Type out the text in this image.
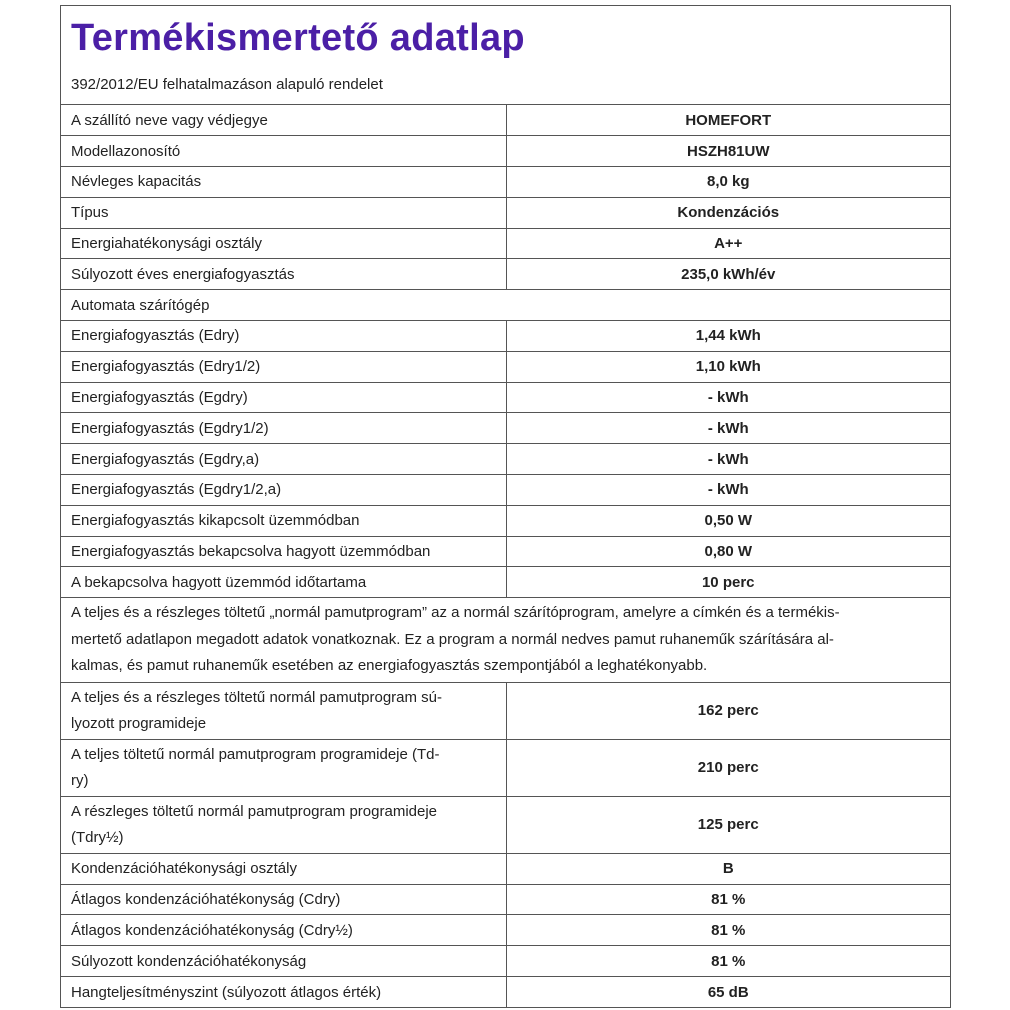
Termékismertető adatlap
392/2012/EU felhatalmazáson alapuló rendelet
A szállító neve vagy védjegye	HOMEFORT
Modellazonosító	HSZH81UW
Névleges kapacitás	8,0 kg
Típus	Kondenzációs
Energiahatékonysági osztály	A++
Súlyozott éves energiafogyasztás	235,0 kWh/év
Automata szárítógép	
Energiafogyasztás (Edry)	1,44 kWh
Energiafogyasztás (Edry1/2)	1,10 kWh
Energiafogyasztás (Egdry)	- kWh
Energiafogyasztás (Egdry1/2)	- kWh
Energiafogyasztás (Egdry,a)	- kWh
Energiafogyasztás (Egdry1/2,a)	- kWh
Energiafogyasztás kikapcsolt üzemmódban	0,50 W
Energiafogyasztás bekapcsolva hagyott üzemmódban	0,80 W
A bekapcsolva hagyott üzemmód időtartama	10 perc

A teljes és a részleges töltetű „normál pamutprogram” az a normál szárítóprogram, amelyre a címkén és a termékis-
mertető adatlapon megadott adatok vonatkoznak. Ez a program a normál nedves pamut ruhaneműk szárítására al-
kalmas, és pamut ruhaneműk esetében az energiafogyasztás szempontjából a leghatékonyabb.	

A teljes és a részleges töltetű normál pamutprogram sú-
lyozott programideje	162 perc

A teljes töltetű normál pamutprogram programideje (Td-
ry)	210 perc

A részleges töltetű normál pamutprogram programideje
(Tdry½)	125 perc
Kondenzációhatékonysági osztály	B
Átlagos kondenzációhatékonyság (Cdry)	81 %
Átlagos kondenzációhatékonyság (Cdry½)	81 %
Súlyozott kondenzációhatékonyság	81 %
Hangteljesítményszint (súlyozott átlagos érték)	65 dB
